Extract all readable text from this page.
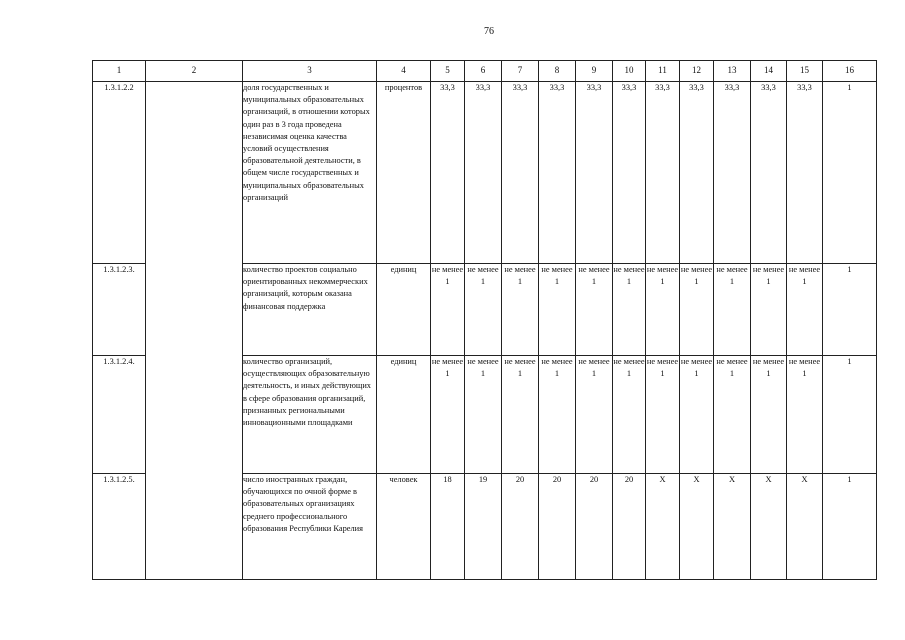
76
1	2	3	4	5	6	7	8	9	10	11	12	13	14	15	16
1.3.1.2.2		доля государственных и муниципальных образовательных организаций, в отношении которых один раз в 3 года проведена независимая оценка качества условий осуществления образовательной деятельности, в общем числе государственных и муниципальных образовательных организаций	процентов	33,3	33,3	33,3	33,3	33,3	33,3	33,3	33,3	33,3	33,3	33,3	1
1.3.1.2.3.		количество проектов социально ориентированных некоммерческих организаций, которым оказана финансовая поддержка	единиц	не менее 1	не менее 1	не менее 1	не менее 1	не менее 1	не менее 1	не менее 1	не менее 1	не менее 1	не менее 1	не менее 1	1
1.3.1.2.4.		количество организаций, осуществляющих образовательную деятельность, и иных действующих в сфере образования организаций, признанных региональными инновационными площадками	единиц	не менее 1	не менее 1	не менее 1	не менее 1	не менее 1	не менее 1	не менее 1	не менее 1	не менее 1	не менее 1	не менее 1	1
1.3.1.2.5.		число иностранных граждан, обучающихся по очной форме в образовательных организациях среднего профессионального образования Республики Карелия	человек	18	19	20	20	20	20	X	X	X	X	X	1
